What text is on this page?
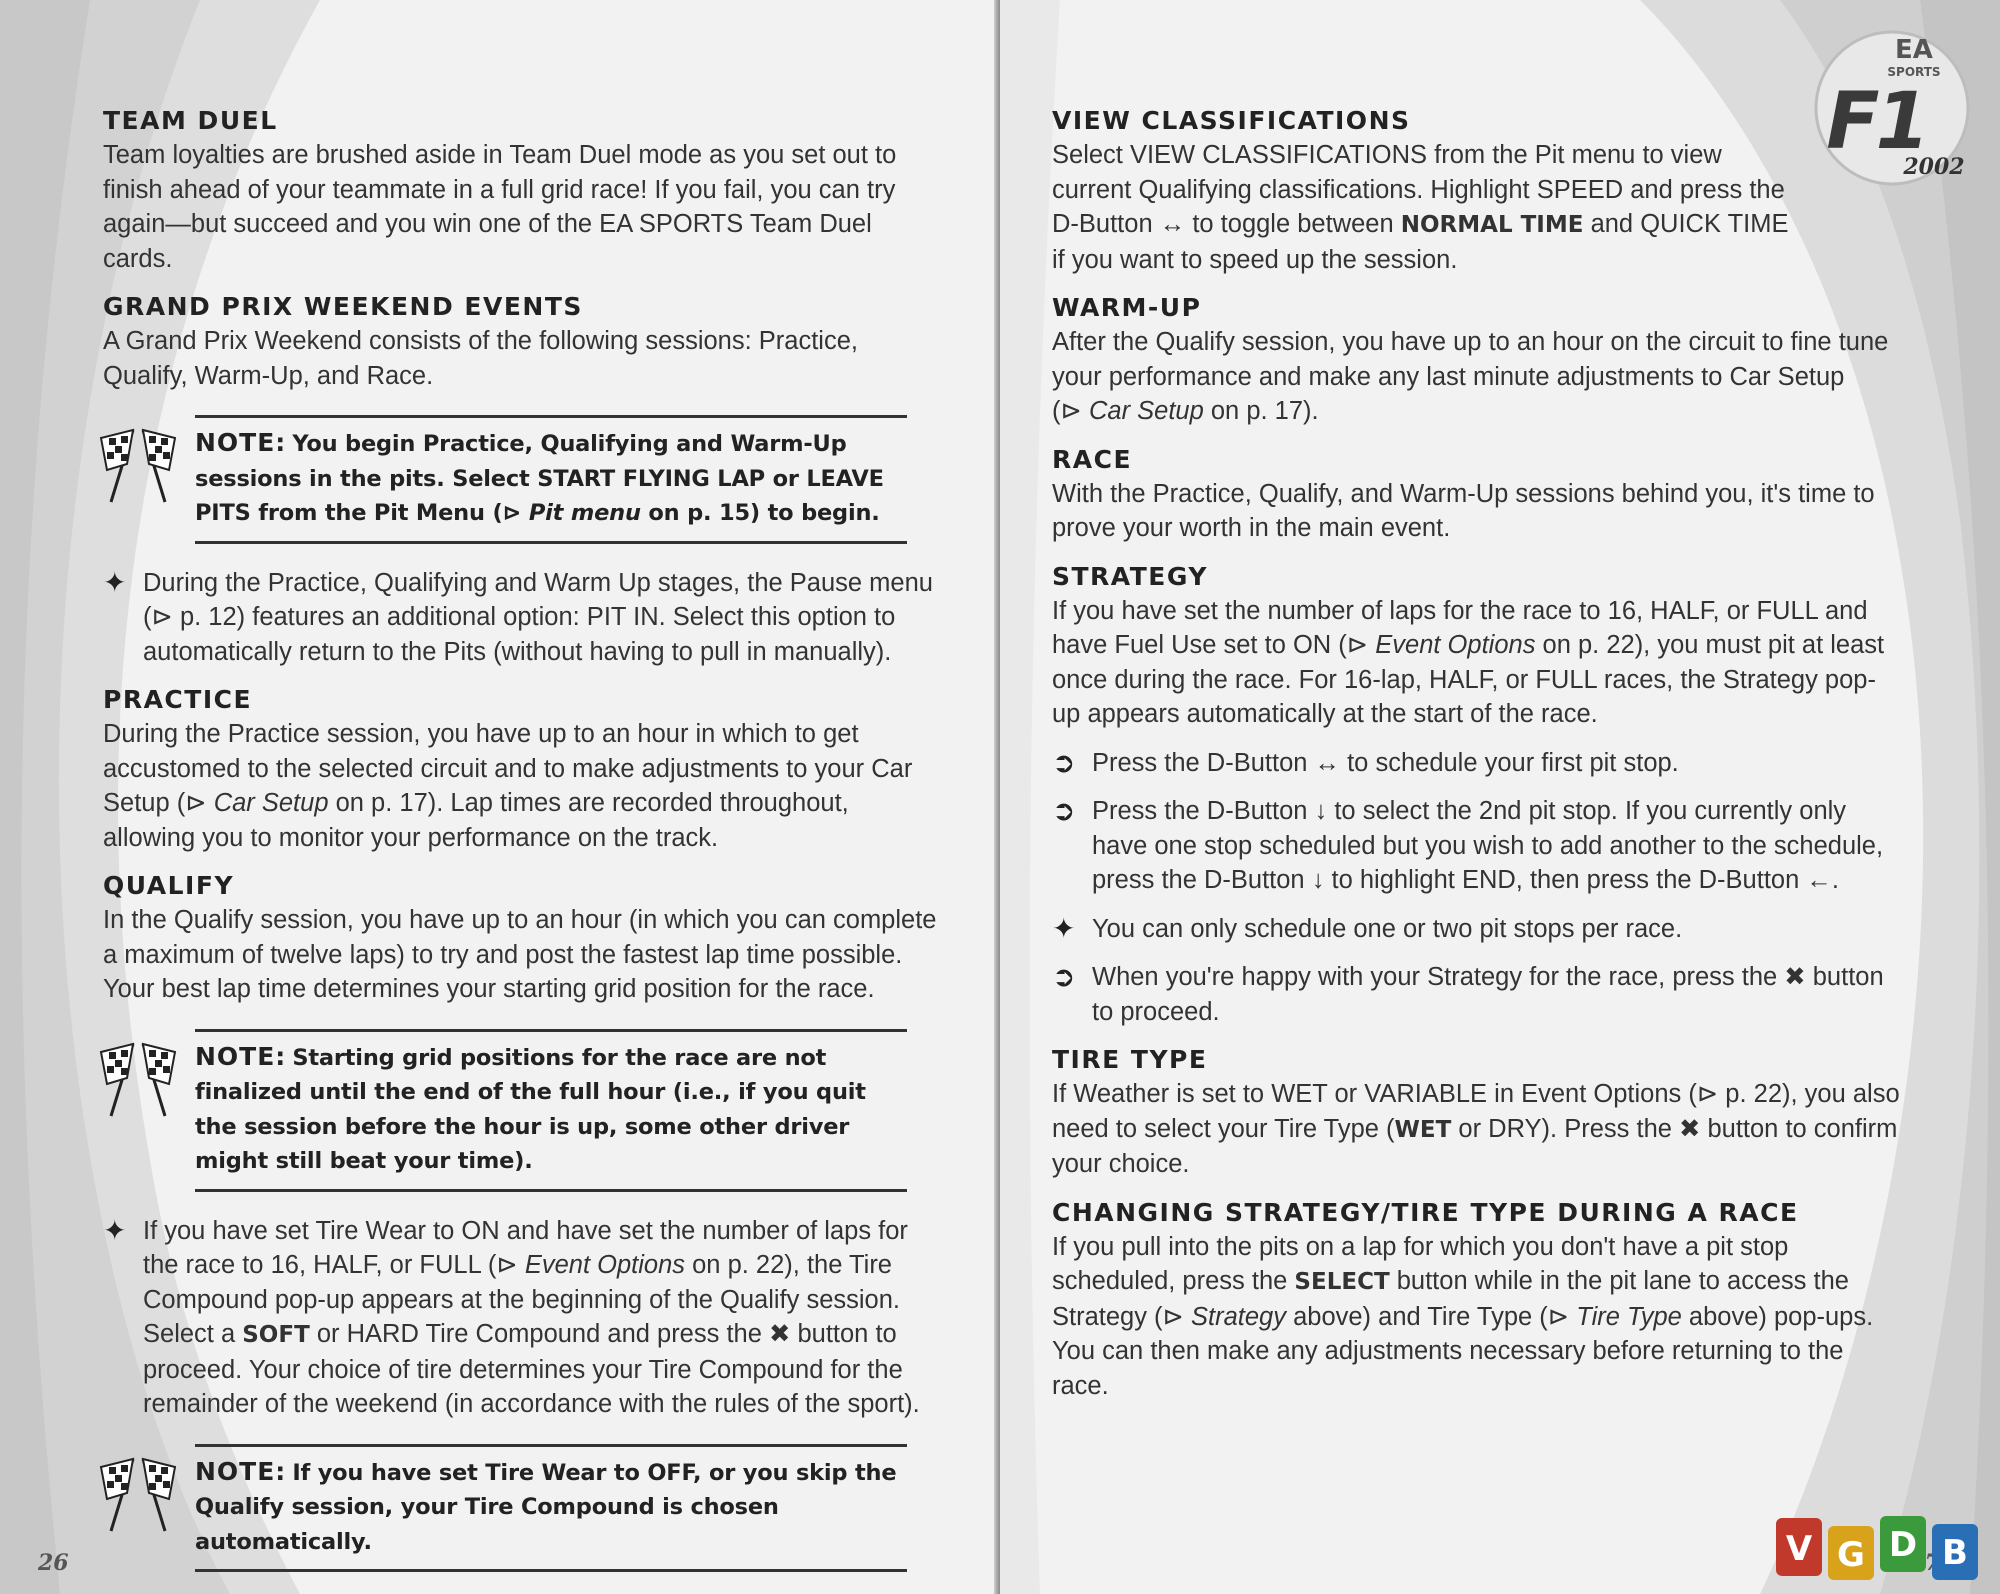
TEAM DUEL

Team loyalties are brushed aside in Team Duel mode as you set out to finish ahead of your teammate in a full grid race! If you fail, you can try again—but succeed and you win one of the EA SPORTS Team Duel cards.

GRAND PRIX WEEKEND EVENTS

A Grand Prix Weekend consists of the following sessions: Practice, Qualify, Warm-Up, and Race.

NOTE: You begin Practice, Qualifying and Warm-Up sessions in the pits. Select START FLYING LAP or LEAVE PITS from the Pit Menu (⊳ Pit menu on p. 15) to begin.
✦ During the Practice, Qualifying and Warm Up stages, the Pause menu (⊳ p. 12) features an additional option: PIT IN. Select this option to automatically return to the Pits (without having to pull in manually).

PRACTICE

During the Practice session, you have up to an hour in which to get accustomed to the selected circuit and to make adjustments to your Car Setup (⊳ Car Setup on p. 17). Lap times are recorded throughout, allowing you to monitor your performance on the track.

QUALIFY

In the Qualify session, you have up to an hour (in which you can complete a maximum of twelve laps) to try and post the fastest lap time possible. Your best lap time determines your starting grid position for the race.

NOTE: Starting grid positions for the race are not finalized until the end of the full hour (i.e., if you quit the session before the hour is up, some other driver might still beat your time).
✦ If you have set Tire Wear to ON and have set the number of laps for the race to 16, HALF, or FULL (⊳ Event Options on p. 22), the Tire Compound pop-up appears at the beginning of the Qualify session. Select a SOFT or HARD Tire Compound and press the ✖ button to proceed. Your choice of tire determines your Tire Compound for the remainder of the weekend (in accordance with the rules of the sport).

NOTE: If you have set Tire Wear to OFF, or you skip the Qualify session, your Tire Compound is chosen automatically.
26
VIEW CLASSIFICATIONS

Select VIEW CLASSIFICATIONS from the Pit menu to view current Qualifying classifications. Highlight SPEED and press the D-Button ↔ to toggle between NORMAL TIME and QUICK TIME if you want to speed up the session.

WARM-UP

After the Qualify session, you have up to an hour on the circuit to fine tune your performance and make any last minute adjustments to Car Setup (⊳ Car Setup on p. 17).

RACE

With the Practice, Qualify, and Warm-Up sessions behind you, it's time to prove your worth in the main event.

STRATEGY

If you have set the number of laps for the race to 16, HALF, or FULL and have Fuel Use set to ON (⊳ Event Options on p. 22), you must pit at least once during the race. For 16-lap, HALF, or FULL races, the Strategy pop-up appears automatically at the start of the race.

➲ Press the D-Button ↔ to schedule your first pit stop.

➲ Press the D-Button ↓ to select the 2nd pit stop. If you currently only have one stop scheduled but you wish to add another to the schedule, press the D-Button ↓ to highlight END, then press the D-Button ←.

✦ You can only schedule one or two pit stops per race.

➲ When you're happy with your Strategy for the race, press the ✖ button to proceed.

TIRE TYPE

If Weather is set to WET or VARIABLE in Event Options (⊳ p. 22), you also need to select your Tire Type (WET or DRY). Press the ✖ button to confirm your choice.

CHANGING STRATEGY/TIRE TYPE DURING A RACE

If you pull into the pits on a lap for which you don't have a pit stop scheduled, press the SELECT button while in the pit lane to access the Strategy (⊳ Strategy above) and Tire Type (⊳ Tire Type above) pop-ups. You can then make any adjustments necessary before returning to the race.

EA
SPORTS
F1
2002
V G D B
